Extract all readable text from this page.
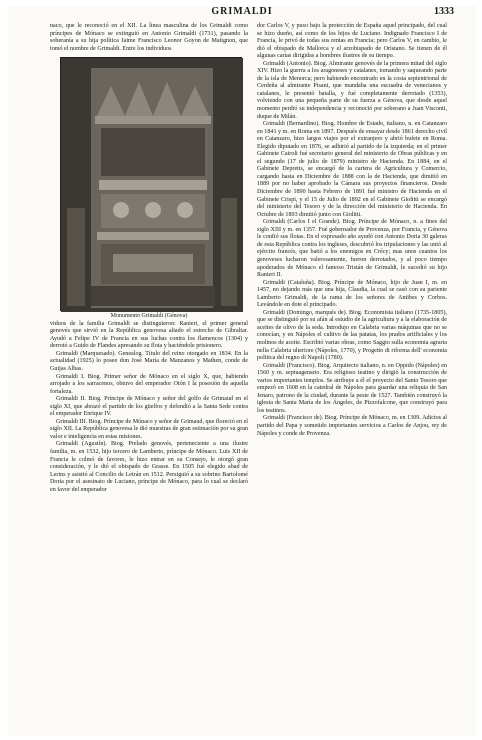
GRIMALDI	1333

naco, que le reconoció en el XII. La línea masculina de los Grimaldi como príncipes de Mónaco se extinguió en Antonio Grimaldi (1731), pasando la soberanía a su hija política Jaime Francisco Leonor Goyon de Matignon, que tomó el nombre de Grimaldi. Entre los individuos

Monumento Grimaldi (Génova)

viduos de la familia Grimaldi se distinguieron: Ranieri, el primer general genovés que sirvió en la República genovesa aliado el estrecho de Gibraltar. Ayudó a Felipe IV de Francia en sus luchas contra los flamencos (1304) y derrotó a Guido de Flandes apresando su flota y haciéndole prisionero.

Grimaldi (Marquesado). Genealog. Título del reino otorgado en 1834. En la actualidad (1925) lo posee don José María de Manzanos y Mathen, conde de Guijas Albas.

Grimaldi I. Biog. Primer señor de Mónaco en el siglo X, que, habiendo arrojado a los sarracenos, obtuvo del emperador Otón I la posesión de aquella fortaleza.

Grimaldi II. Biog. Príncipe de Mónaco y señor del golfo de Grimaud en el siglo XI, que abrazó el partido de los güelfos y defendió a la Santa Sede contra el emperador Enrique IV.

Grimaldi III. Biog. Príncipe de Mónaco y señor de Grimaud, que floreció en el siglo XII. La República genovesa le dió muestras de gran estimación por su gran valor e inteligencia en estas misiones.

Grimaldi (Agustín). Biog. Prelado genovés, perteneciente a una ilustre familia, m. en 1532, hijo tercero de Lamberto, príncipe de Mónaco. Luis XII de Francia le colmó de favores, le hizo entrar en su Consejo, le otorgó gran consideración, y le dió el obispado de Grasse. En 1505 fué elegido abad de Lerins y asistió al Concilio de Letrán en 1512. Persiguió a su sobrino Bartolomé Doria por el asesinato de Luciano, príncipe de Mónaco, para lo cual se declaró en favor del emperador

dor Carlos V, y puso bajo la protección de España aquel principado, del cual se hizo dueño, así como de los hijos de Luciano. Indignado Francisco I de Francia, le privó de todas sus rentas en Francia; pero Carlos V, en cambio, le dió el obispado de Mallorca y el arzobispado de Oristano. Se tienen de él algunas cartas dirigidas a hombres ilustres de su tiempo.

Grimaldi (Antonio). Biog. Almirante genovés de la primera mitad del siglo XIV. Hizo la guerra a los aragoneses y catalanes, tomando y saqueando parte de la isla de Menorca; pero habiendo encontrado en la costa septentrional de Cerdeña al almirante Pisani, que mandaba una escuadra de venecianos y catalanes, le presentó batalla, y fué completamente derrotado (1353), volviendo con una pequeña parte de su fuerza a Génova, que desde aquel momento perdió su independencia y reconoció por soberano a Juan Visconti, duque de Milán.

Grimaldi (Bernardino). Biog. Hombre de Estado, italiano, n. en Catanzaro en 1841 y m. en Roma en 1897. Después de ensayar desde 1861 derecho civil en Catanzaro, hizo largos viajes por el extranjero y abrió bufete en Roma. Elegido diputado en 1876, se adhirió al partido de la izquierda; en el primer Gabinete Cairoli fué secretario general del ministerio de Obras públicas y en el segundo (17 de julio de 1879) ministro de Hacienda. En 1884, en el Gabinete Depretis, se encargó de la cartera de Agricultura y Comercio, cargando hasta en Diciembre de 1888 con la de Hacienda, que dimitió en 1889 por no haber aprobado la Cámara sus proyectos financieros. Desde Diciembre de 1890 hasta Febrero de 1891 fué ministro de Hacienda en el Gabinete Crispi, y el 15 de Julio de 1892 en el Gabinete Giolitti se encargó del ministerio del Tesoro y de la dirección del ministerio de Hacienda. En Octubre de 1893 dimitió junto con Giolitti.

Grimaldi (Carlos I el Grande). Biog. Príncipe de Mónaco, n. a fines del siglo XIII y m. en 1357. Fué gobernador de Provenza, por Francia, y Génova le confió sus flotas. En el expresado año ayudó con Antonio Doria 30 galeras de esta República contra los ingleses, descubrió los tripulaciones y las unió al ejército francés, que batió a los enemigos en Crécy; mas unos cuantos los genoveses lucharon valerosamente, fueron derrotados, y al poco tiempo apoderados de Mónaco el famoso Tristán de Grimaldi, le sucedió su hijo Ranieri II.

Grimaldi (Cataluña). Biog. Príncipe de Mónaco, hijo de Juan I, m. en 1457, no dejando más que una hija, Claudia, la cual se casó con su pariente Lamberto Grimaldi, de la rama de los señores de Antibes y Corbos. Levándole en dote el principado.

Grimaldi (Domingo, marqués de). Biog. Economista italiano (1735-1805), que se distinguió por su afán al estudio de la agricultura y a la elaboración de aceites de olivo de la seda. Introdujo en Calabria varias máquinas que no se conocían, y en Nápoles el cultivo de las patatas, los prados artificiales y los molinos de aceite. Escribió varias obras, como Saggio sulla economia agraria nella Calabria ulteriore (Nápoles, 1770), y Progetto di riforma dell' economia politica del regno di Napoli (1780).

Grimaldi (Francisco). Biog. Arquitecto italiano, n. en Oppido (Nápoles) en 1560 y m. septuagenario. Era religioso teatino y dirigió la construcción de varios importantes templos. Se atribuye a él el proyecto del Santo Tesoro que empezó en 1608 en la catedral de Nápoles para guardar una reliquia de San Jenaro, patrono de la ciudad, durante la peste de 1527. También construyó la iglesia de Santa María de los Ángeles, de Pizzofalcone, que construyó para los teatinos.

Grimaldi (Francisco de). Biog. Príncipe de Mónaco, m. en 1309. Adictos al partido del Papa y sometido importantes servicios a Carlos de Anjou, rey de Nápoles y conde de Provenza.
